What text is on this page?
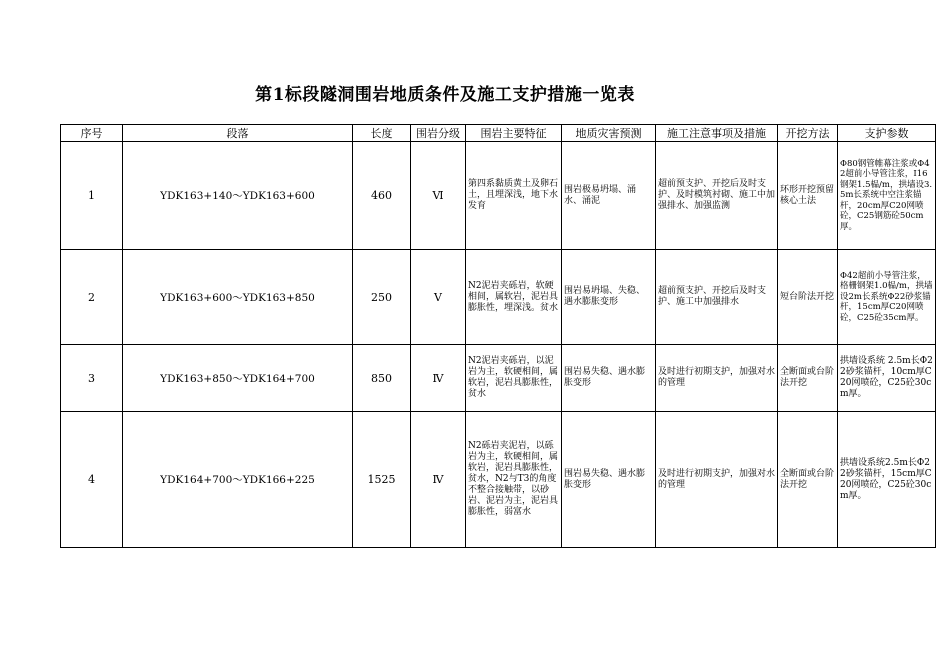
第1标段隧洞围岩地质条件及施工支护措施一览表
序号	段落	长度	围岩分级	围岩主要特征	地质灾害预测	施工注意事项及措施	开挖方法	支护参数
1	YDK163+140～YDK163+600	460	Ⅵ	第四系黏质黄土及卵石土，且埋深浅，地下水发育	围岩极易坍塌、涌水、涌泥	超前预支护、开挖后及时支护、及时模筑衬砌、施工中加强排水、加强监测	环形开挖预留核心土法	Φ80钢管帷幕注浆或Φ42超前小导管注浆，I16钢架1.5榀/m，拱墙设3.5m长系统中空注浆锚杆，20cm厚C20网喷砼，C25钢筋砼50cm厚。
2	YDK163+600～YDK163+850	250	Ⅴ	N2泥岩夹砾岩，软硬相间，属软岩，泥岩具膨胀性，埋深浅。贫水	围岩易坍塌、失稳、遇水膨胀变形	超前预支护、开挖后及时支护、施工中加强排水	短台阶法开挖	Φ42超前小导管注浆，格栅钢架1.0榀/m，拱墙设2m长系统Φ22砂浆锚杆，15cm厚C20网喷砼，C25砼35cm厚。
3	YDK163+850～YDK164+700	850	Ⅳ	N2泥岩夹砾岩，以泥岩为主，软硬相间，属软岩，泥岩具膨胀性，贫水	围岩易失稳、遇水膨胀变形	及时进行初期支护，加强对水的管理	全断面或台阶法开挖	拱墙设系统 2.5m长Φ22砂浆锚杆，10cm厚C20网喷砼，C25砼30cm厚。
4	YDK164+700～YDK166+225	1525	Ⅳ	N2砾岩夹泥岩，以砾岩为主，软硬相间，属软岩，泥岩具膨胀性，贫水，N2与T3的角度不整合接触带，以砂岩、泥岩为主，泥岩具膨胀性，弱富水	围岩易失稳、遇水膨胀变形	及时进行初期支护，加强对水的管理	全断面或台阶法开挖	拱墙设系统2.5m长Φ22砂浆锚杆，15cm厚C20网喷砼，C25砼30cm厚。
